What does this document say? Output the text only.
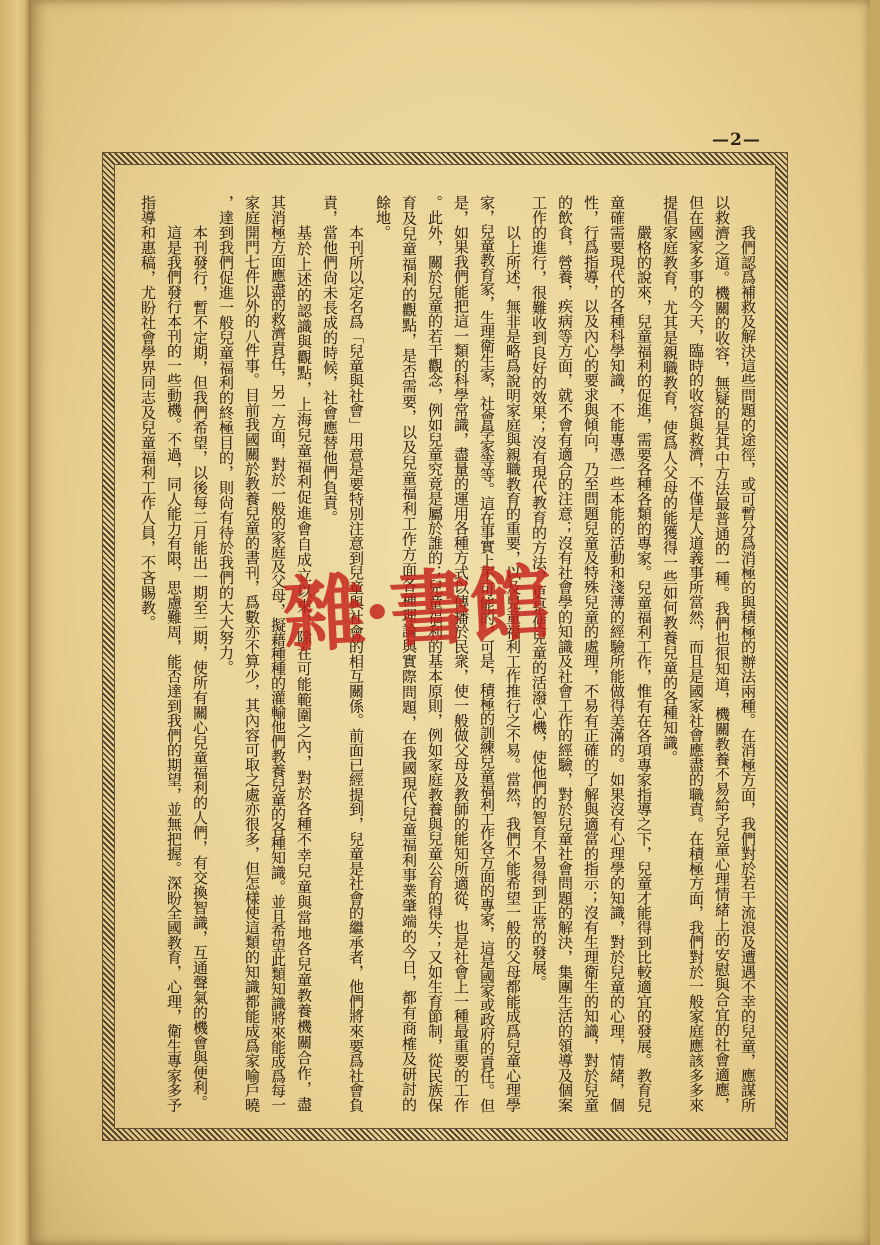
—2—
我們認爲補救及解決這些問題的途徑，或可暫分爲消極的與積極的辦法兩種。在消極方面，我們對於若干流浪及遭遇不幸的兒童，應謀所
以救濟之道。機關的收容，無疑的是其中方法最普通的一種。我們也很知道，機關教養不易給予兒童心理情緒上的安慰與合宜的社會適應，
但在國家多事的今天，臨時的收容與救濟，不僅是人道義事所當然，而且是國家社會應盡的職責。在積極方面，我們對於一般家庭應該多多來
提倡家庭教育，尤其是親職教育，使爲人父母的能獲得一些如何教養兒童的各種知識。
嚴格的說來，兒童福利的促進，需要各種各類的專家。兒童福利工作，惟有在各項專家指導之下，兒童才能得到比較適宜的發展。教育兒
童確需要現代的各種科學知識，不能專憑一些本能的活動和淺薄的經驗所能做得美滿的。如果沒有心理學的知識，對於兒童的心理，情緒，個
性，行爲指導，以及內心的要求與傾向，乃至問題兒童及特殊兒童的處理，不易有正確的了解與適當的指示；沒有生理衛生的知識，對於兒童
的飲食，營養，疾病等方面，就不會有適合的注意；沒有社會學的知識及社會工作的經驗，對於兒童社會問題的解決，集團生活的領導及個案
工作的進行，很難收到良好的效果；沒有現代教育的方法，更是使兒童的活潑心機，使他們的智育不易得到正常的發展。
以上所述，無非是略爲說明家庭與親職教育的重要，以及兒童福利工作推行之不易。當然，我們不能希望一般的父母都能成爲兒童心理學
家，兒童教育家，生理衛生家，社會學家等等。這在事實上不可能的，可是，積極的訓練兒童福利工作各方面的專家，這是國家或政府的責任。但
是，如果我們能把這一類的科學常識，盡量的運用各種方式以傳播於民衆，使一般做父母及教師的能知所適從，也是社會上一種最重要的工作
。此外，關於兒童的若干觀念，例如兒童究竟是屬於誰的；兒童福利的基本原則，例如家庭教養與兒童公育的得失；又如生育節制，從民族保
育及兒童福利的觀點，是否需要，以及兒童福利工作方面各種理論與實際問題，在我國現代兒童福利事業肇端的今日，都有商榷及研討的
餘地。
本刊所以定名爲「兒童與社會」用意是要特別注意到兒童與社會的相互關係。前面已經提到，兒童是社會的繼承者，他們將來要爲社會負
責，當他們尙未長成的時候，社會應替他們負責。
基於上述的認識與觀點，上海兒童福利促進會自成立以來，除在可能範圍之內，對於各種不幸兒童與當地各兒童教養機關合作，盡
其消極方面應盡的救濟責任，另一方面，對於一般的家庭及父母，擬藉種種的灌輸他們教養兒童的各種知識。並且希望此類知識將來能成爲每一
家庭開門七件以外的八件事。目前我國關於教養兒童的書刊，爲數亦不算少，其內容可取之處亦很多，但怎樣使這類的知識都能成爲家喻戶曉
，達到我們促進一般兒童福利的終極目的，則尙有待於我們的大大努力。
本刊發行，暫不定期，但我們希望，以後每二月能出一期至二期，使所有關心兒童福利的人們，有交換智識，互通聲氣的機會與便利。
這是我們發行本刊的一些動機。不過，同人能力有限，思慮難周，能否達到我們的期望，並無把握。深盼全國教育，心理，衛生專家多予
指導和惠稿，尤盼社會學界同志及兒童福利工作人員，不吝賜教。 雜·書館
